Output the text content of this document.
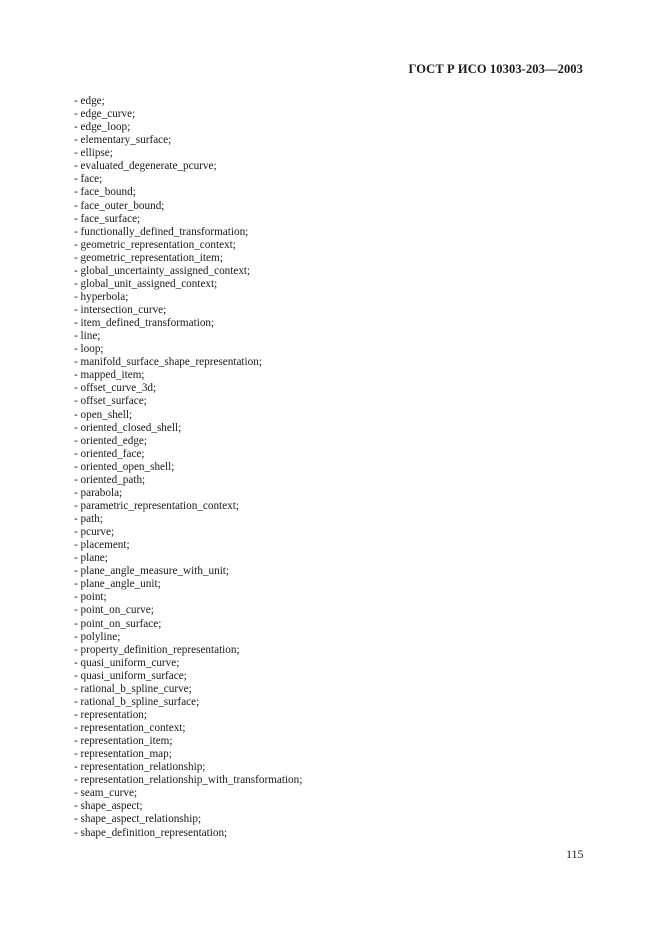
ГОСТ Р ИСО 10303-203—2003
- edge;
- edge_curve;
- edge_loop;
- elementary_surface;
- ellipse;
- evaluated_degenerate_pcurve;
- face;
- face_bound;
- face_outer_bound;
- face_surface;
- functionally_defined_transformation;
- geometric_representation_context;
- geometric_representation_item;
- global_uncertainty_assigned_context;
- global_unit_assigned_context;
- hyperbola;
- intersection_curve;
- item_defined_transformation;
- line;
- loop;
- manifold_surface_shape_representation;
- mapped_item;
- offset_curve_3d;
- offset_surface;
- open_shell;
- oriented_closed_shell;
- oriented_edge;
- oriented_face;
- oriented_open_shell;
- oriented_path;
- parabola;
- parametric_representation_context;
- path;
- pcurve;
- placement;
- plane;
- plane_angle_measure_with_unit;
- plane_angle_unit;
- point;
- point_on_curve;
- point_on_surface;
- polyline;
- property_definition_representation;
- quasi_uniform_curve;
- quasi_uniform_surface;
- rational_b_spline_curve;
- rational_b_spline_surface;
- representation;
- representation_context;
- representation_item;
- representation_map;
- representation_relationship;
- representation_relationship_with_transformation;
- seam_curve;
- shape_aspect;
- shape_aspect_relationship;
- shape_definition_representation;
115
